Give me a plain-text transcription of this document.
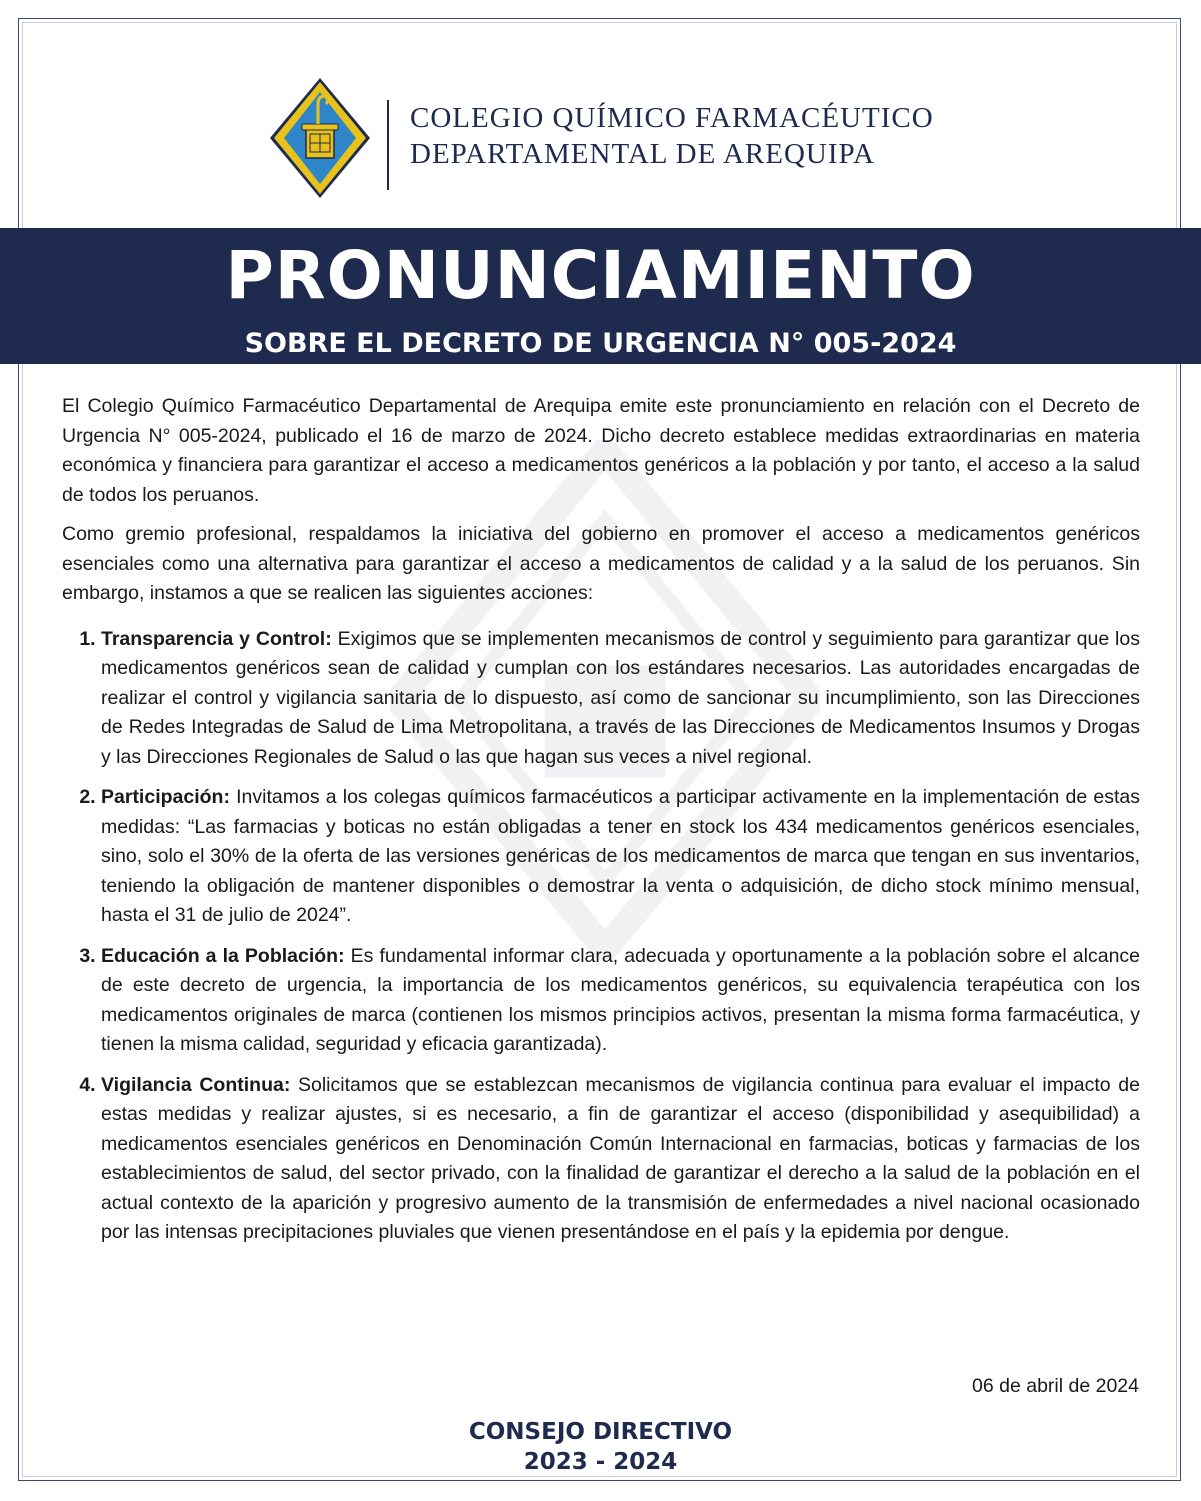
COLEGIO QUÍMICO FARMACÉUTICO
DEPARTAMENTAL DE AREQUIPA
PRONUNCIAMIENTO
SOBRE EL DECRETO DE URGENCIA N° 005-2024

El Colegio Químico Farmacéutico Departamental de Arequipa emite este pronunciamiento en relación con el Decreto de Urgencia N° 005-2024, publicado el 16 de marzo de 2024. Dicho decreto establece medidas extraordinarias en materia económica y financiera para garantizar el acceso a medicamentos genéricos a la población y por tanto, el acceso a la salud de todos los peruanos.

Como gremio profesional, respaldamos la iniciativa del gobierno en promover el acceso a medicamentos genéricos esenciales como una alternativa para garantizar el acceso a medicamentos de calidad y a la salud de los peruanos. Sin embargo, instamos a que se realicen las siguientes acciones:

1. Transparencia y Control: Exigimos que se implementen mecanismos de control y seguimiento para garantizar que los medicamentos genéricos sean de calidad y cumplan con los estándares necesarios. Las autoridades encargadas de realizar el control y vigilancia sanitaria de lo dispuesto, así como de sancionar su incumplimiento, son las Direcciones de Redes Integradas de Salud de Lima Metropolitana, a través de las Direcciones de Medicamentos Insumos y Drogas y las Direcciones Regionales de Salud o las que hagan sus veces a nivel regional.
2. Participación: Invitamos a los colegas químicos farmacéuticos a participar activamente en la implementación de estas medidas: “Las farmacias y boticas no están obligadas a tener en stock los 434 medicamentos genéricos esenciales, sino, solo el 30% de la oferta de las versiones genéricas de los medicamentos de marca que tengan en sus inventarios, teniendo la obligación de mantener disponibles o demostrar la venta o adquisición, de dicho stock mínimo mensual, hasta el 31 de julio de 2024”.
3. Educación a la Población: Es fundamental informar clara, adecuada y oportunamente a la población sobre el alcance de este decreto de urgencia, la importancia de los medicamentos genéricos, su equivalencia terapéutica con los medicamentos originales de marca (contienen los mismos principios activos, presentan la misma forma farmacéutica, y tienen la misma calidad, seguridad y eficacia garantizada).
4. Vigilancia Continua: Solicitamos que se establezcan mecanismos de vigilancia continua para evaluar el impacto de estas medidas y realizar ajustes, si es necesario, a fin de garantizar el acceso (disponibilidad y asequibilidad) a medicamentos esenciales genéricos en Denominación Común Internacional en farmacias, boticas y farmacias de los establecimientos de salud, del sector privado, con la finalidad de garantizar el derecho a la salud de la población en el actual contexto de la aparición y progresivo aumento de la transmisión de enfermedades a nivel nacional ocasionado por las intensas precipitaciones pluviales que vienen presentándose en el país y la epidemia por dengue.
06 de abril de 2024
CONSEJO DIRECTIVO
2023 - 2024
